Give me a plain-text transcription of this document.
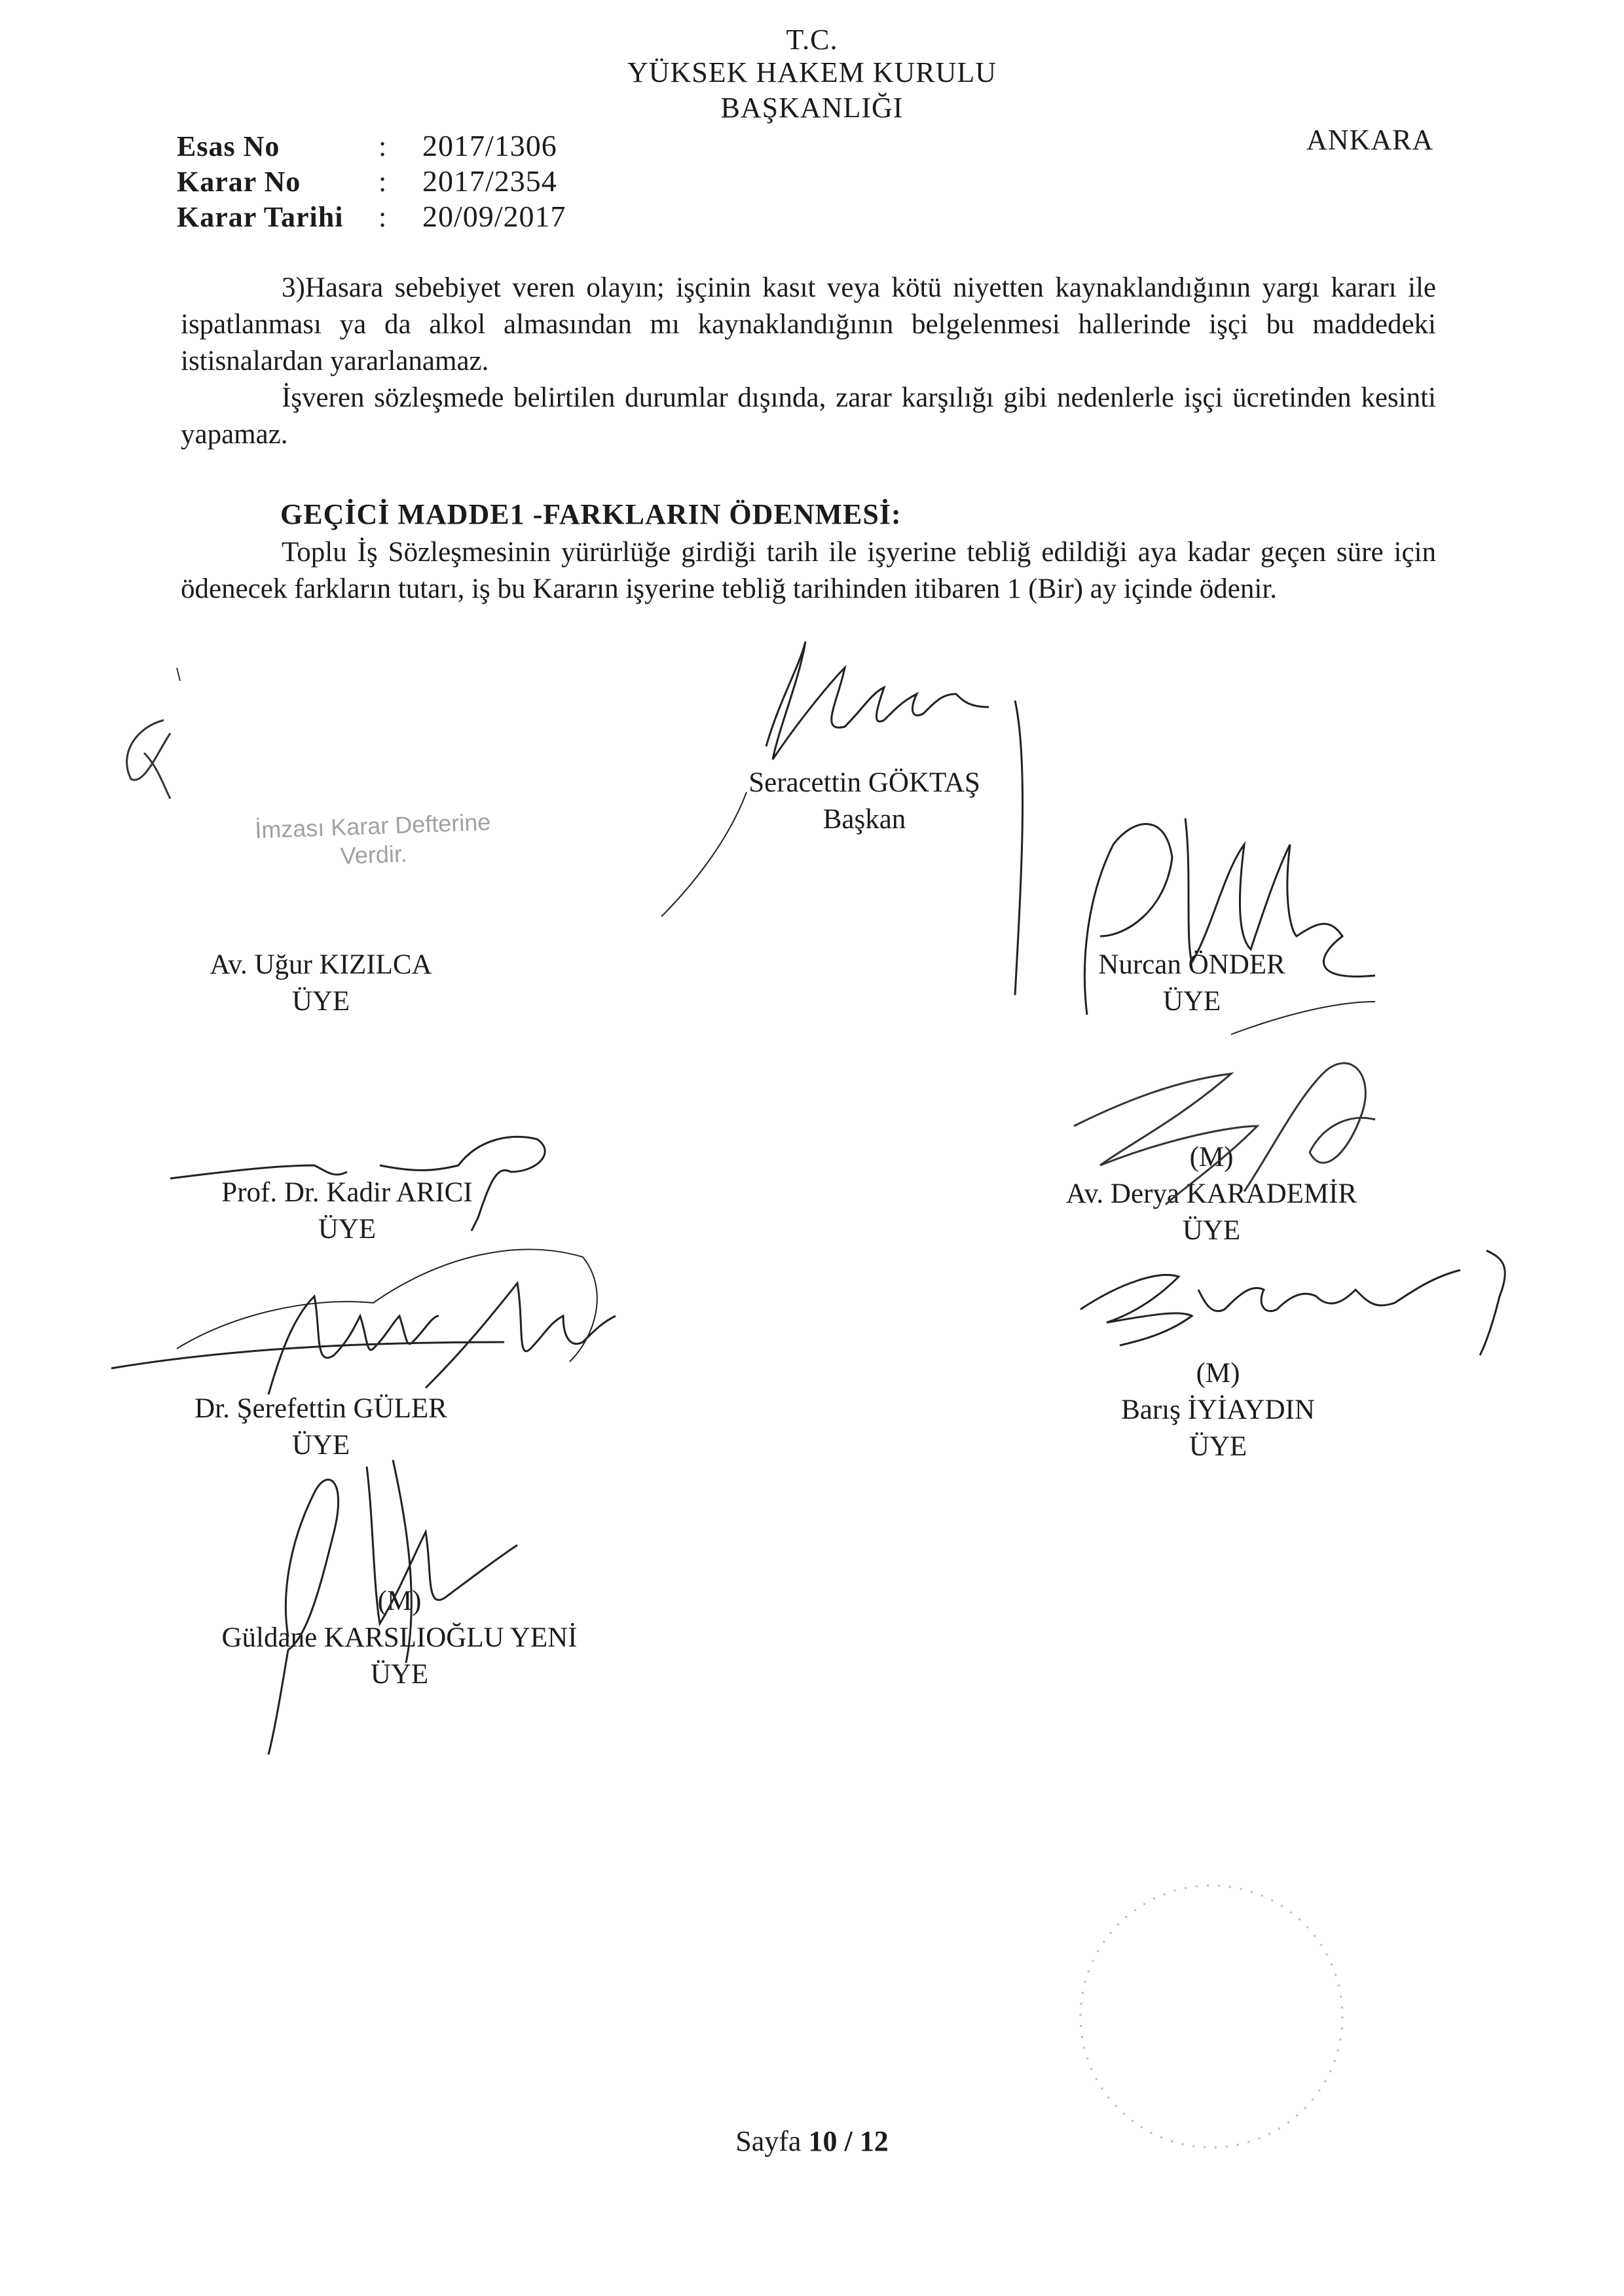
T.C.
YÜKSEK HAKEM KURULU
BAŞKANLIĞI
ANKARA
Esas No	: 2017/1306
Karar No	: 2017/2354
Karar Tarihi : 20/09/2017
3)Hasara sebebiyet veren olayın; işçinin kasıt veya kötü niyetten kaynaklandığının yargı kararı ile ispatlanması ya da alkol almasından mı kaynaklandığının belgelenmesi hallerinde işçi bu maddedeki istisnalardan yararlanamaz.
İşveren sözleşmede belirtilen durumlar dışında, zarar karşılığı gibi nedenlerle işçi ücretinden kesinti yapamaz.
GEÇİCİ MADDE1 -FARKLARIN ÖDENMESİ:
Toplu İş Sözleşmesinin yürürlüğe girdiği tarih ile işyerine tebliğ edildiği aya kadar geçen süre için ödenecek farkların tutarı, iş bu Kararın işyerine tebliğ tarihinden itibaren 1 (Bir) ay içinde ödenir.
İmzası Karar Defterine
Verdir.
Seracettin GÖKTAŞ
Başkan
Av. Uğur KIZILCA
ÜYE
Nurcan ÖNDER
ÜYE
Prof. Dr. Kadir ARICI
ÜYE
(M)
Av. Derya KARADEMİR
ÜYE
Dr. Şerefettin GÜLER
ÜYE
(M)
Barış İYİAYDIN
ÜYE
(M)
Güldane KARSLIOĞLU YENİ
ÜYE
Sayfa 10 / 12
